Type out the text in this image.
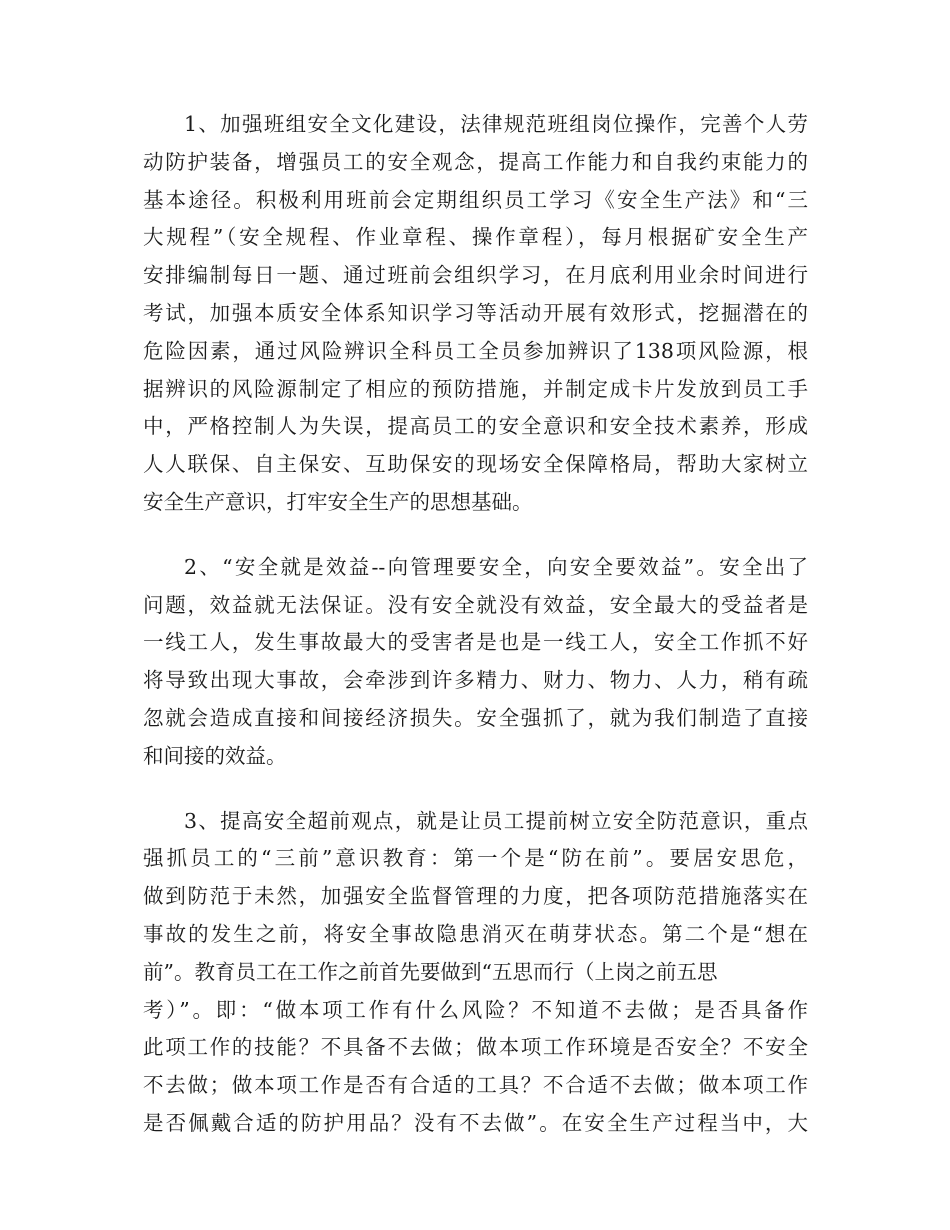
1、加强班组安全文化建设，法律规范班组岗位操作，完善个人劳
动防护装备，增强员工的安全观念，提高工作能力和自我约束能力的
基本途径。积极利用班前会定期组织员工学习《安全生产法》和“三
大规程”（安全规程、作业章程、操作章程），每月根据矿安全生产
安排编制每日一题、通过班前会组织学习，在月底利用业余时间进行
考试，加强本质安全体系知识学习等活动开展有效形式，挖掘潜在的
危险因素，通过风险辨识全科员工全员参加辨识了138项风险源，根
据辨识的风险源制定了相应的预防措施，并制定成卡片发放到员工手
中，严格控制人为失误，提高员工的安全意识和安全技术素养，形成
人人联保、自主保安、互助保安的现场安全保障格局，帮助大家树立
安全生产意识，打牢安全生产的思想基础。
2、“安全就是效益--向管理要安全，向安全要效益”。安全出了
问题，效益就无法保证。没有安全就没有效益，安全最大的受益者是
一线工人，发生事故最大的受害者是也是一线工人，安全工作抓不好
将导致出现大事故，会牵涉到许多精力、财力、物力、人力，稍有疏
忽就会造成直接和间接经济损失。安全强抓了，就为我们制造了直接
和间接的效益。
3、提高安全超前观点，就是让员工提前树立安全防范意识，重点
强抓员工的“三前”意识教育：第一个是“防在前”。要居安思危，
做到防范于未然，加强安全监督管理的力度，把各项防范措施落实在
事故的发生之前，将安全事故隐患消灭在萌芽状态。第二个是“想在
前”。教育员工在工作之前首先要做到“五思而行（上岗之前五思
考）”。即：“做本项工作有什么风险？不知道不去做；是否具备作
此项工作的技能？不具备不去做；做本项工作环境是否安全？不安全
不去做；做本项工作是否有合适的工具？不合适不去做；做本项工作
是否佩戴合适的防护用品？没有不去做”。在安全生产过程当中，大
